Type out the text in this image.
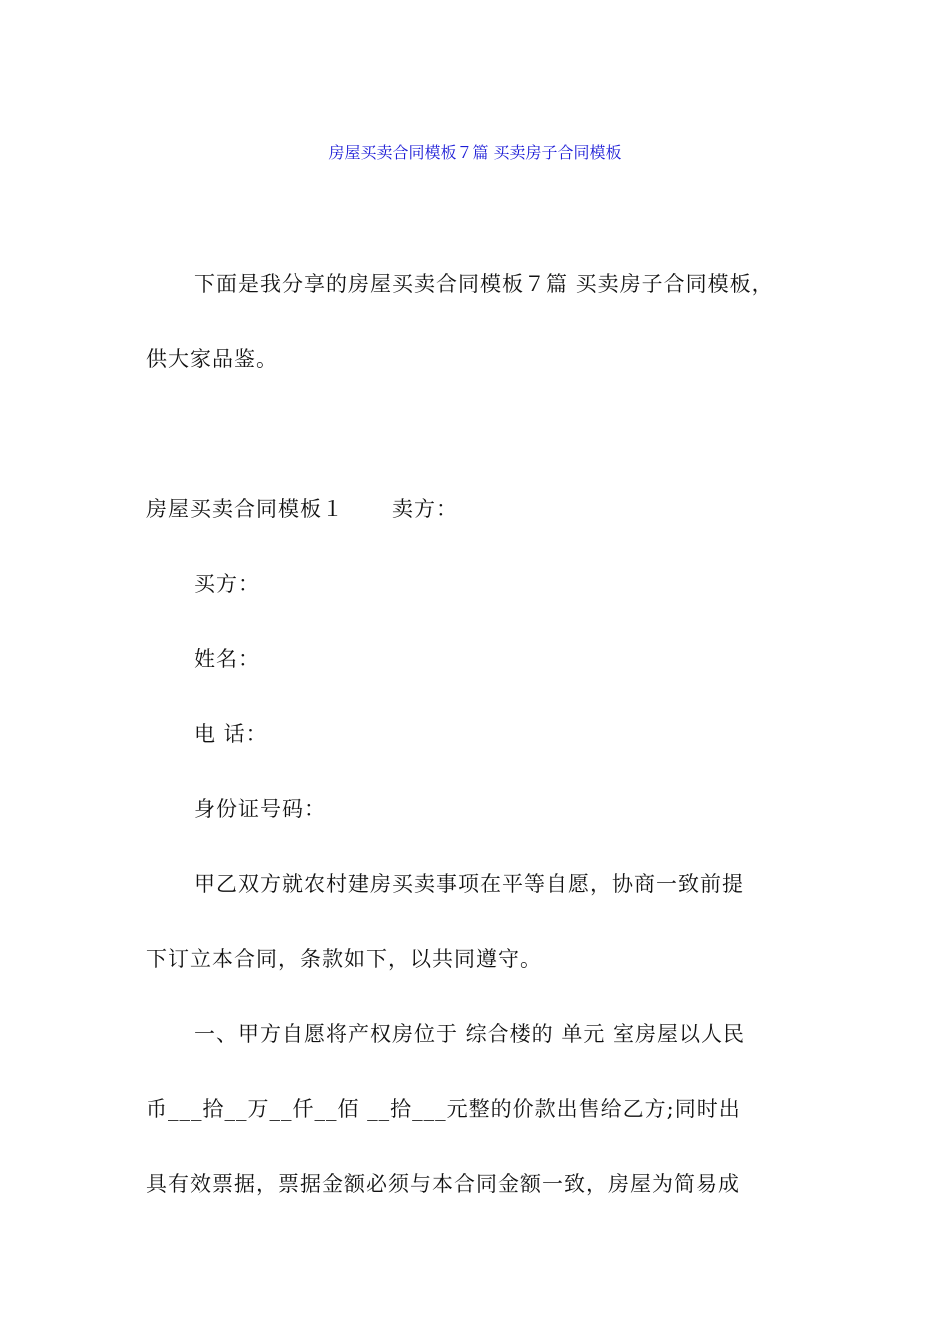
房屋买卖合同模板７篇 买卖房子合同模板
下面是我分享的房屋买卖合同模板７篇 买卖房子合同模板，
供大家品鉴。
房屋买卖合同模板１ 卖方：
买方：
姓名：
电 话：
身份证号码：
甲乙双方就农村建房买卖事项在平等自愿，协商一致前提
下订立本合同，条款如下，以共同遵守。
一、甲方自愿将产权房位于 综合楼的 单元 室房屋以人民
币___拾__万__仟__佰 __拾___元整的价款出售给乙方;同时出
具有效票据，票据金额必须与本合同金额一致，房屋为简易成
